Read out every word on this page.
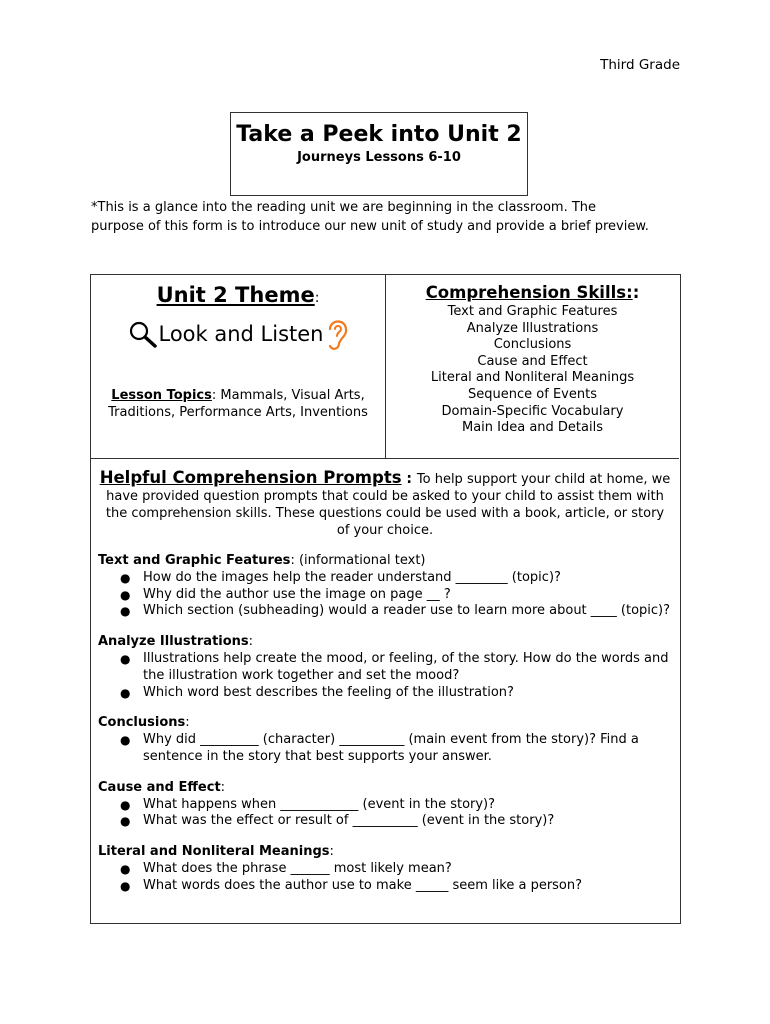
Third Grade
Take a Peek into Unit 2
Journeys Lessons 6-10
*This is a glance into the reading unit we are beginning in the classroom. The purpose of this form is to introduce our new unit of study and provide a brief preview.
Unit 2 Theme:
Look and Listen
Lesson Topics: Mammals, Visual Arts, Traditions, Performance Arts, Inventions
Comprehension Skills::
Text and Graphic Features
Analyze Illustrations
Conclusions
Cause and Effect
Literal and Nonliteral Meanings
Sequence of Events
Domain-Specific Vocabulary
Main Idea and Details
Helpful Comprehension Prompts : To help support your child at home, we have provided question prompts that could be asked to your child to assist them with the comprehension skills. These questions could be used with a book, article, or story of your choice.
Text and Graphic Features: (informational text)
● How do the images help the reader understand ________ (topic)?
● Why did the author use the image on page __ ?
● Which section (subheading) would a reader use to learn more about ____ (topic)?
Analyze Illustrations:
● Illustrations help create the mood, or feeling, of the story. How do the words and the illustration work together and set the mood?
● Which word best describes the feeling of the illustration?
Conclusions:
● Why did _________ (character) __________ (main event from the story)? Find a sentence in the story that best supports your answer.
Cause and Effect:
● What happens when ____________ (event in the story)?
● What was the effect or result of __________ (event in the story)?
Literal and Nonliteral Meanings:
● What does the phrase ______ most likely mean?
● What words does the author use to make _____ seem like a person?
